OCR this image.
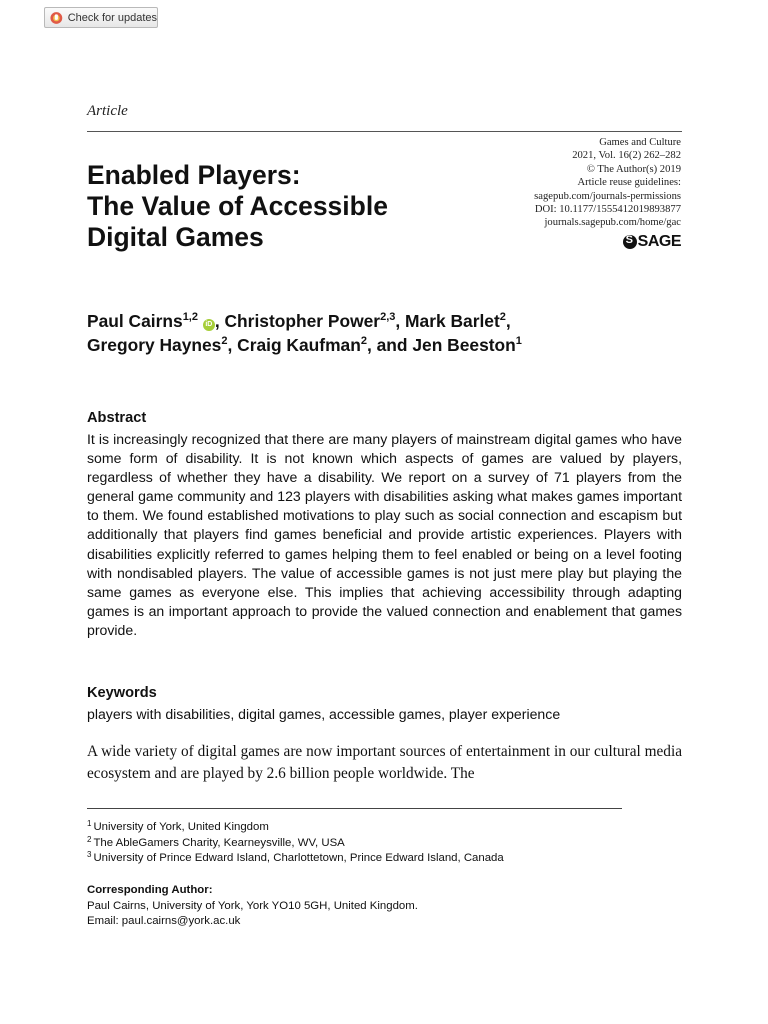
Check for updates
Article
Games and Culture
2021, Vol. 16(2) 262–282
© The Author(s) 2019
Article reuse guidelines:
sagepub.com/journals-permissions
DOI: 10.1177/1555412019893877
journals.sagepub.com/home/gac
S
SAGE
Enabled Players:
The Value of Accessible
Digital Games
Paul Cairns$^{1,2}$ iD , Christopher Power$^{2,3}$, Mark Barlet$^2$,
Gregory Haynes$^2$, Craig Kaufman$^2$, and Jen Beeston$^1$
Abstract
It is increasingly recognized that there are many players of mainstream digital games who have some form of disability. It is not known which aspects of games are valued by players, regardless of whether they have a disability. We report on a survey of 71 players from the general game community and 123 players with disabilities asking what makes games important to them. We found established motivations to play such as social connection and escapism but additionally that players find games beneficial and provide artistic experiences. Players with disabilities explicitly referred to games helping them to feel enabled or being on a level footing with nondisabled players. The value of accessible games is not just mere play but playing the same games as everyone else. This implies that achieving accessibility through adapting games is an important approach to provide the valued connection and enablement that games provide.
Keywords
players with disabilities, digital games, accessible games, player experience
A wide variety of digital games are now important sources of entertainment in our cultural media ecosystem and are played by 2.6 billion people worldwide. The
$^1$ University of York, United Kingdom
$^2$ The AbleGamers Charity, Kearneysville, WV, USA
$^3$ University of Prince Edward Island, Charlottetown, Prince Edward Island, Canada
Corresponding Author:
Paul Cairns, University of York, York YO10 5GH, United Kingdom.
Email: paul.cairns@york.ac.uk
